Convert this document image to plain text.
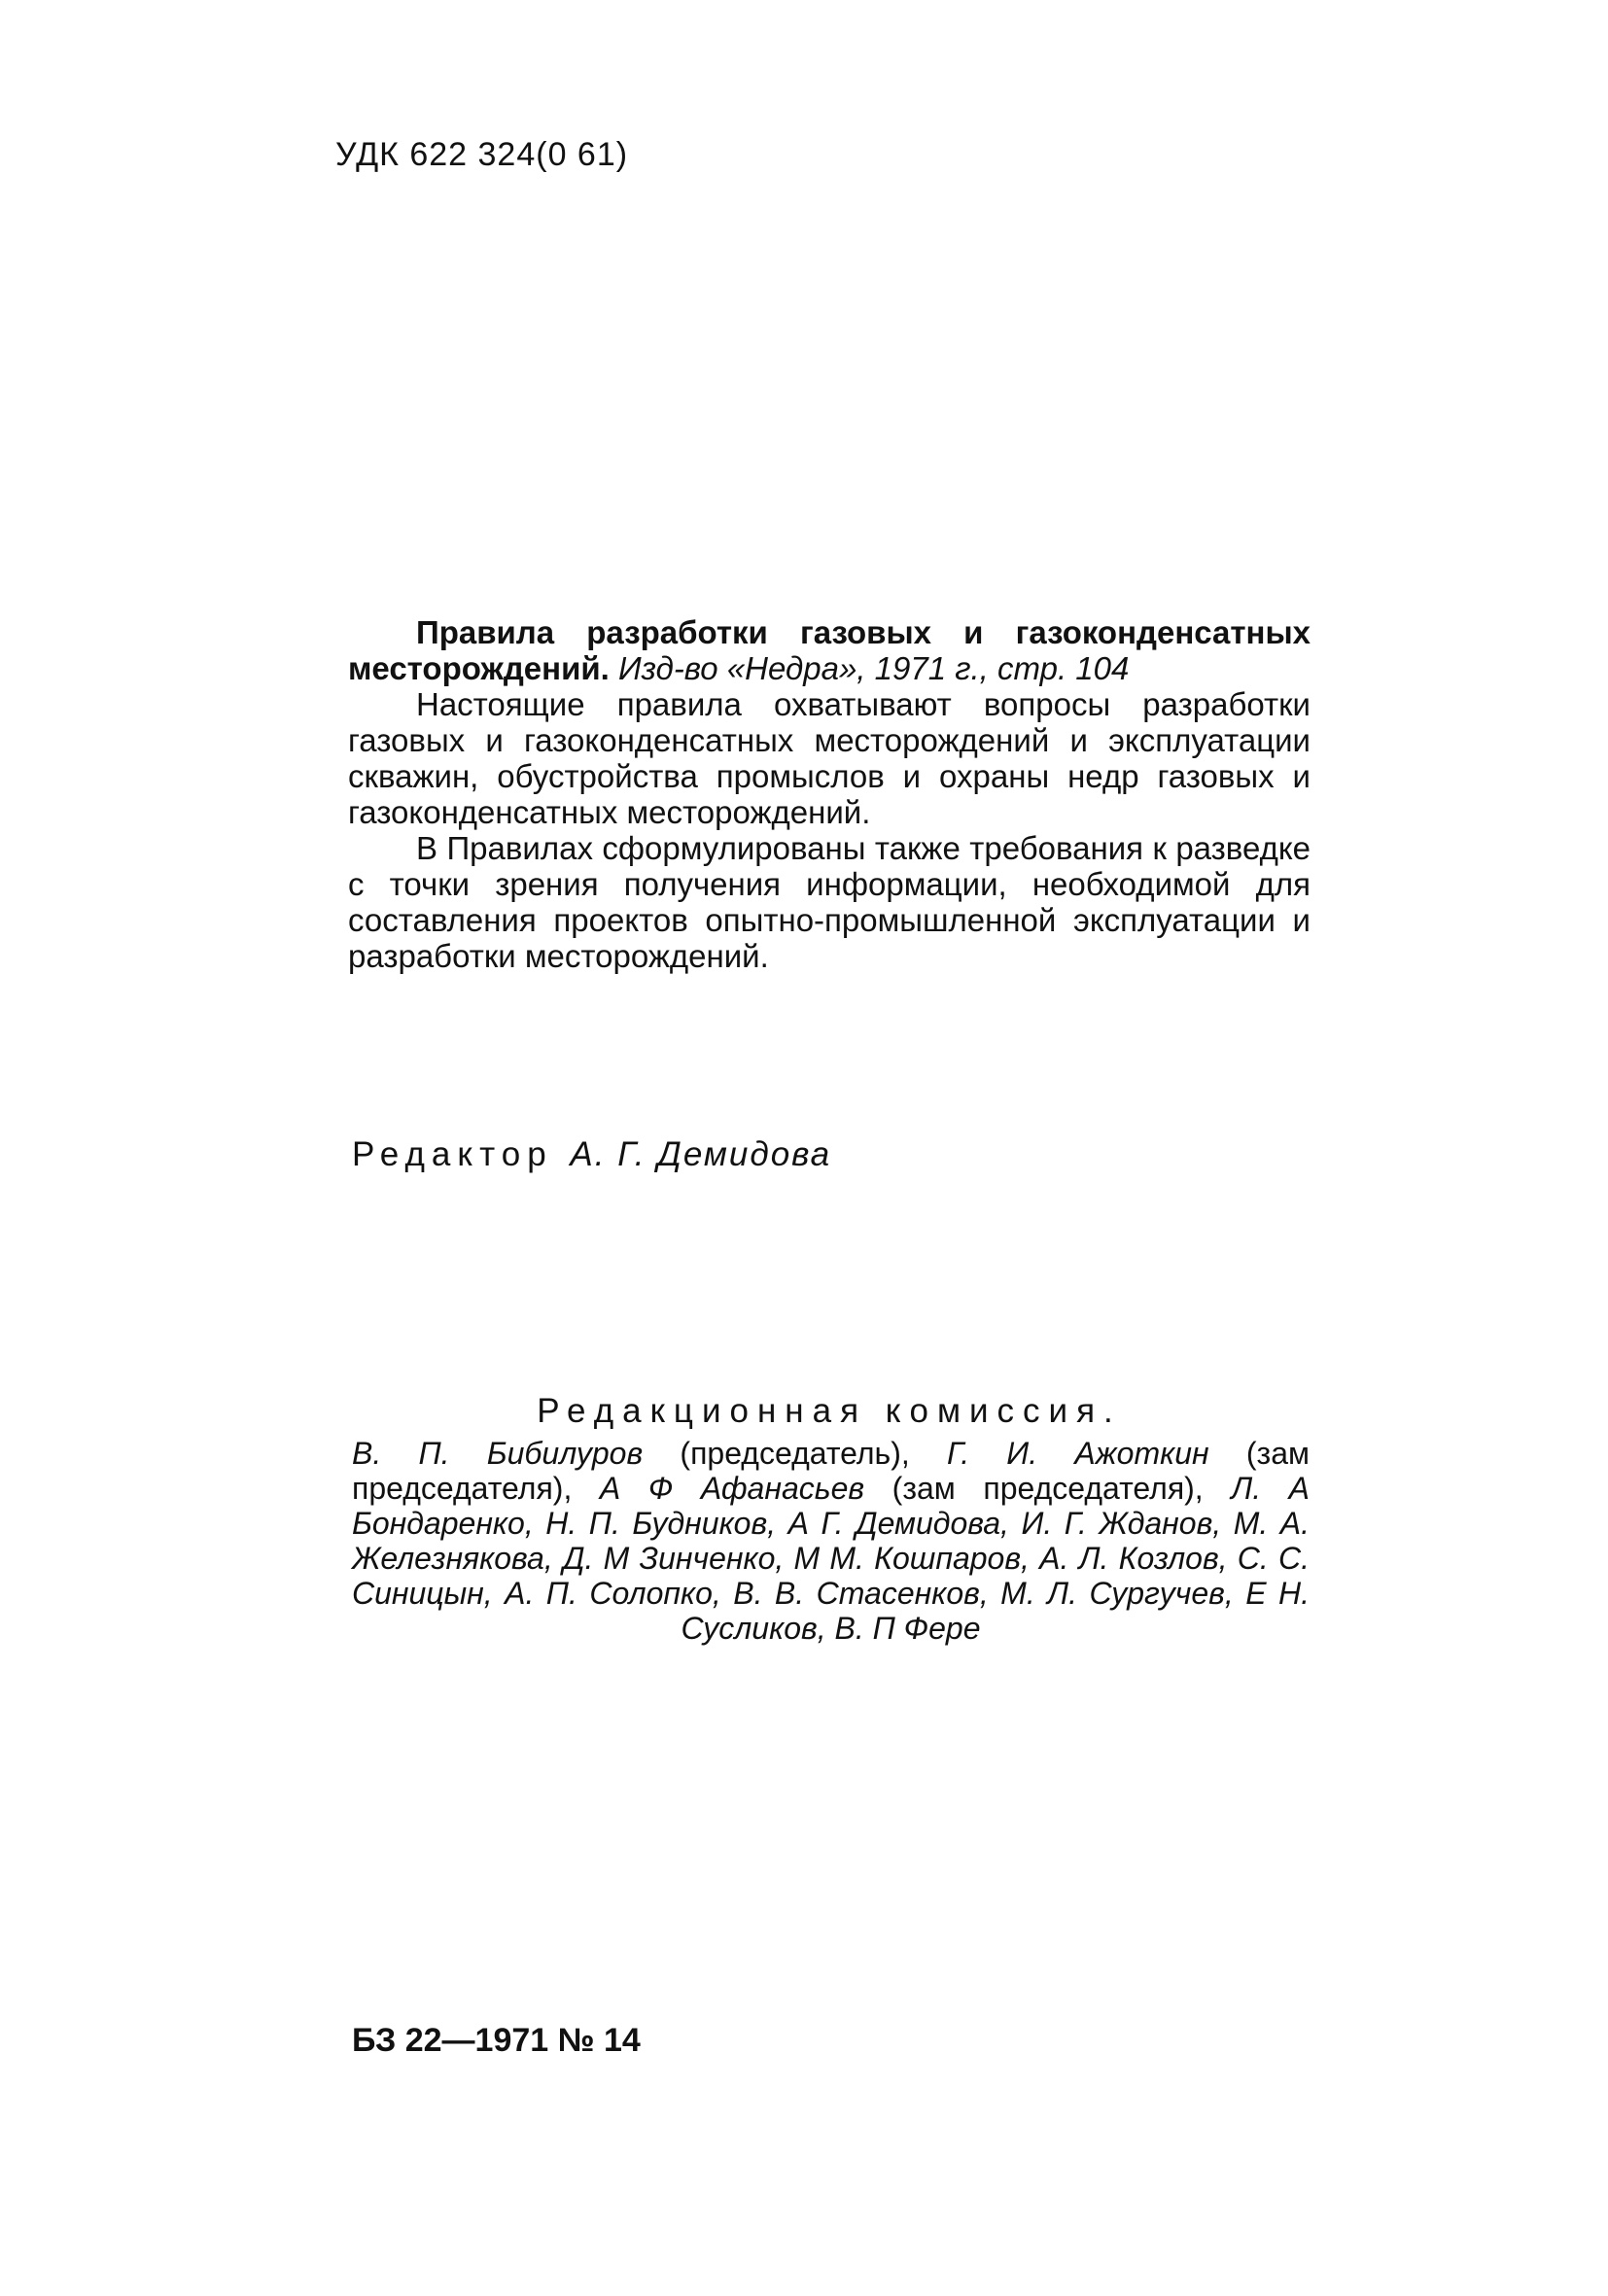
УДК 622 324(0 61)

Правила разработки газовых и газоконденсатных месторождений. Изд-во «Недра», 1971 г., стр. 104

Настоящие правила охватывают вопросы разработки газовых и газоконденсатных месторождений и эксплуатации скважин, обустройства промыслов и охраны недр газовых и газоконденсатных месторождений.

В Правилах сформулированы также требования к разведке с точки зрения получения информации, необходимой для составления проектов опытно-промышленной эксплуатации и разработки месторождений.

Редактор А. Г. Демидова
Редакционная комиссия.
В. П. Бибилуров (председатель), Г. И. Ажоткин (зам председателя), А Ф Афанасьев (зам председателя), Л. А Бондаренко, Н. П. Будников, А Г. Демидова, И. Г. Жданов, М. А. Железнякова, Д. М Зинченко, М М. Кошпаров, А. Л. Козлов, С. С. Синицын, А. П. Солопко, В. В. Стасенков, М. Л. Сургучев, Е Н. Сусликов, В. П Фере
БЗ 22—1971 № 14
